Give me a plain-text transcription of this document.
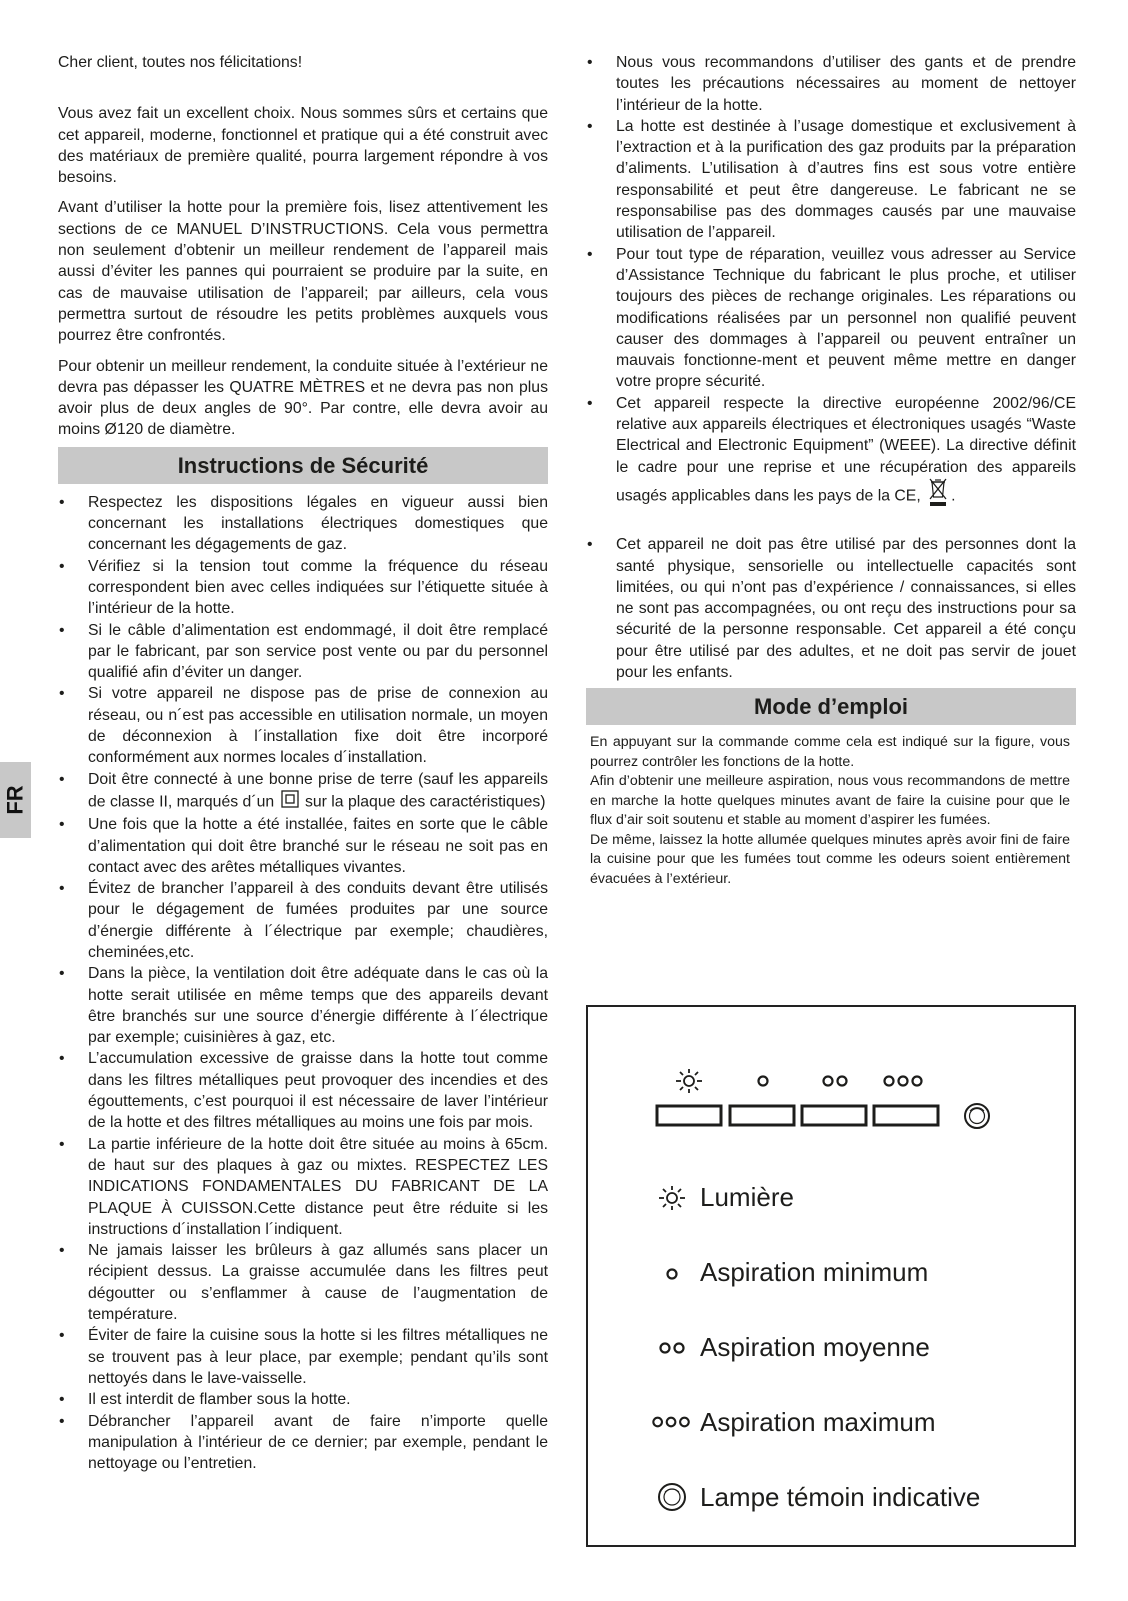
FR

Cher client, toutes nos félicitations!

Vous avez fait un excellent choix. Nous sommes sûrs et certains que cet appareil, moderne, fonctionnel et pratique qui a été construit avec des matériaux de première qualité, pourra largement répondre à vos besoins.

Avant d’utiliser la hotte pour la première fois, lisez attentivement les sections de ce MANUEL D’INSTRUCTIONS. Cela vous permettra non seulement d’obtenir un meilleur rendement de l’appareil mais aussi d’éviter les pannes qui pourraient se produire par la suite, en cas de mauvaise utilisation de l’appareil; par ailleurs, cela vous permettra surtout de résoudre les petits problèmes auxquels vous pourrez être confrontés.

Pour obtenir un meilleur rendement, la conduite située à l’extérieur ne devra pas dépasser les QUATRE MÈTRES et ne devra pas non plus avoir plus de deux angles de 90°. Par contre, elle devra avoir au moins Ø120 de diamètre.

Instructions de Sécurité
• Respectez les dispositions légales en vigueur aussi bien concernant les installations électriques domestiques que concernant les dégagements de gaz.
• Vérifiez si la tension tout comme la fréquence du réseau correspondent bien avec celles indiquées sur l’étiquette située à l’intérieur de la hotte.
• Si le câble d’alimentation est endommagé, il doit être remplacé par le fabricant, par son service post vente ou par du personnel qualifié afin d’éviter un danger.
• Si votre appareil ne dispose pas de prise de connexion au réseau, ou n´est pas accessible en utilisation normale, un moyen de déconnexion à l´installation fixe doit être incorporé conformément aux normes locales d´installation.
• Doit être connecté à une bonne prise de terre (sauf les appareils de classe II, marqués d´un sur la plaque des caractéristiques)
• Une fois que la hotte a été installée, faites en sorte que le câble d’alimentation qui doit être branché sur le réseau ne soit pas en contact avec des arêtes métalliques vivantes.
• Évitez de brancher l’appareil à des conduits devant être utilisés pour le dégagement de fumées produites par une source d’énergie différente à l´électrique par exemple; chaudières, cheminées,etc.
• Dans la pièce, la ventilation doit être adéquate dans le cas où la hotte serait utilisée en même temps que des appareils devant être branchés sur une source d’énergie différente à l´électrique par exemple; cuisinières à gaz, etc.
• L’accumulation excessive de graisse dans la hotte tout comme dans les filtres métalliques peut provoquer des incendies et des égouttements, c’est pourquoi il est nécessaire de laver l’intérieur de la hotte et des filtres métalliques au moins une fois par mois.
• La partie inférieure de la hotte doit être située au moins à 65cm. de haut sur des plaques à gaz ou mixtes. RESPECTEZ LES INDICATIONS FONDAMENTALES DU FABRICANT DE LA PLAQUE À CUISSON.Cette distance peut être réduite si les instructions d´installation l´indiquent.
• Ne jamais laisser les brûleurs à gaz allumés sans placer un récipient dessus. La graisse accumulée dans les filtres peut dégoutter ou s’enflammer à cause de l’augmentation de température.
• Éviter de faire la cuisine sous la hotte si les filtres métalliques ne se trouvent pas à leur place, par exemple; pendant qu’ils sont nettoyés dans le lave-vaisselle.
• Il est interdit de flamber sous la hotte.
• Débrancher l’appareil avant de faire n’importe quelle manipulation à l’intérieur de ce dernier; par exemple, pendant le nettoyage ou l’entretien.
• Nous vous recommandons d’utiliser des gants et de prendre toutes les précautions nécessaires au moment de nettoyer l’intérieur de la hotte.
• La hotte est destinée à l’usage domestique et exclusivement à l’extraction et à la purification des gaz produits par la préparation d’aliments. L’utilisation à d’autres fins est sous votre entière responsabilité et peut être dangereuse. Le fabricant ne se responsabilise pas des dommages causés par une mauvaise utilisation de l’appareil.
• Pour tout type de réparation, veuillez vous adresser au Service d’Assistance Technique du fabricant le plus proche, et utiliser toujours des pièces de rechange originales. Les réparations ou modifications réalisées par un personnel non qualifié peuvent causer des dommages à l’appareil ou peuvent entraîner un mauvais fonctionne-ment et peuvent même mettre en danger votre propre sécurité.
• Cet appareil respecte la directive européenne 2002/96/CE relative aux appareils électriques et électroniques usagés “Waste Electrical and Electronic Equipment” (WEEE). La directive définit le cadre pour une reprise et une récupération des appareils usagés applicables dans les pays de la CE, .
• Cet appareil ne doit pas être utilisé par des personnes dont la santé physique, sensorielle ou intellectuelle capacités sont limitées, ou qui n’ont pas d’expérience / connaissances, si elles ne sont pas accompagnées, ou ont reçu des instructions pour sa sécurité de la personne responsable. Cet appareil a été conçu pour être utilisé par des adultes, et ne doit pas servir de jouet pour les enfants.
Mode d’emploi

En appuyant sur la commande comme cela est indiqué sur la figure, vous pourrez contrôler les fonctions de la hotte.

Afin d’obtenir une meilleure aspiration, nous vous recommandons de mettre en marche la hotte quelques minutes avant de faire la cuisine pour que le flux d’air soit soutenu et stable au moment d’aspirer les fumées.

De même, laissez la hotte allumée quelques minutes après avoir fini de faire la cuisine pour que les fumées tout comme les odeurs soient entièrement évacuées à l’extérieur.

Lumière
Aspiration minimum
Aspiration moyenne
Aspiration maximum
Lampe témoin indicative
